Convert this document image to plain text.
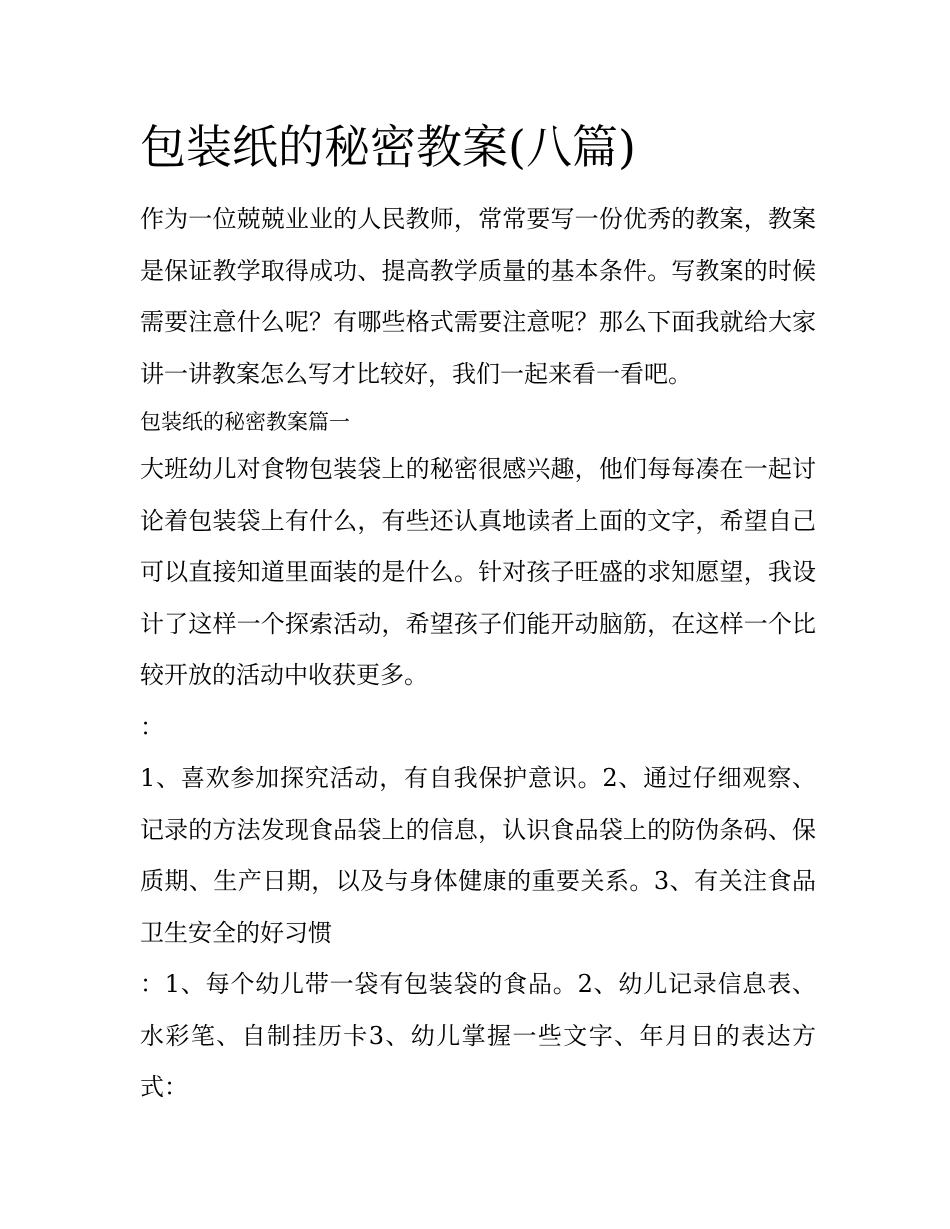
包装纸的秘密教案(八篇)

作为一位兢兢业业的人民教师，常常要写一份优秀的教案，教案是保证教学取得成功、提高教学质量的基本条件。写教案的时候需要注意什么呢？有哪些格式需要注意呢？那么下面我就给大家讲一讲教案怎么写才比较好，我们一起来看一看吧。

包装纸的秘密教案篇一

大班幼儿对食物包装袋上的秘密很感兴趣，他们每每凑在一起讨论着包装袋上有什么，有些还认真地读者上面的文字，希望自己可以直接知道里面装的是什么。针对孩子旺盛的求知愿望，我设计了这样一个探索活动，希望孩子们能开动脑筋，在这样一个比较开放的活动中收获更多。

：

1、喜欢参加探究活动，有自我保护意识。2、通过仔细观察、记录的方法发现食品袋上的信息，认识食品袋上的防伪条码、保质期、生产日期，以及与身体健康的重要关系。3、有关注食品卫生安全的好习惯

：1、每个幼儿带一袋有包装袋的食品。2、幼儿记录信息表、水彩笔、自制挂历卡3、幼儿掌握一些文字、年月日的表达方式：
